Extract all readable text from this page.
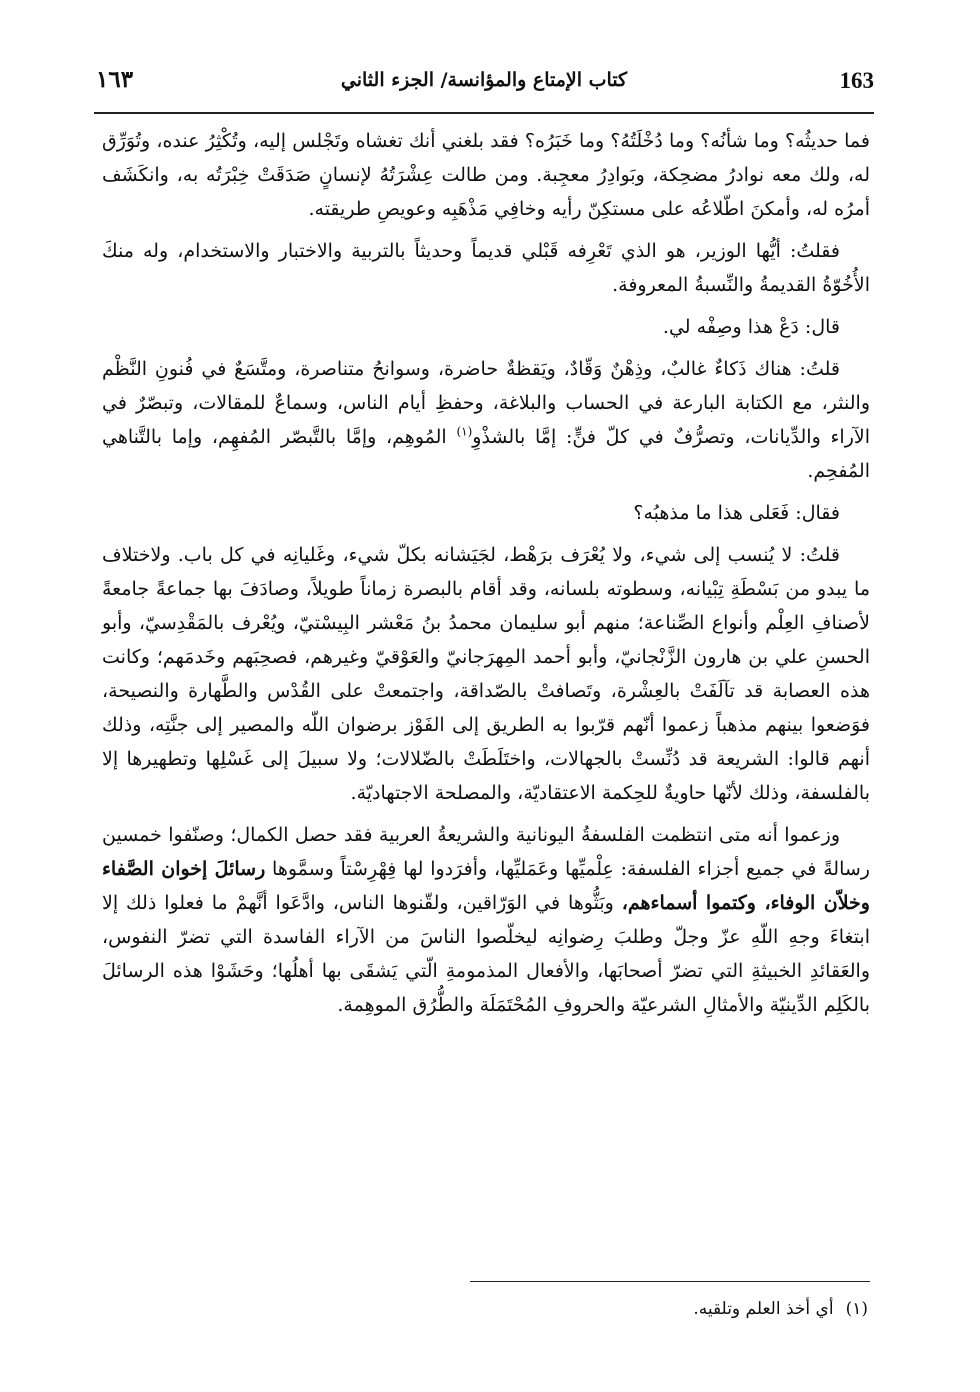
163
كتاب الإمتاع والمؤانسة/ الجزء الثاني
١٦٣

فما حديثُه؟ وما شأنُه؟ وما دُخْلَتُهُ؟ وما خَبَرُه؟ فقد بلغني أنك تغشاه وتَجْلس إليه، وتُكْثِرُ عنده، وتُوَرِّق له، ولك معه نوادرُ مضحِكة، وبَوادِرُ معجِبة. ومن طالت عِشْرَتُهُ لإنسانٍ صَدَقَتْ خِبْرَتُه به، وانكَشَف أمرُه له، وأمكنَ اطّلاعُه على مستكِنّ رأيه وخافِي مَذْهَبِه وعويصِ طريقته.

فقلتُ: أيُّها الوزير، هو الذي تَعْرِفه قَبْلي قديماً وحديثاً بالتربية والاختبار والاستخدام، وله منكَ الأُخُوّةُ القديمةُ والنِّسبةُ المعروفة.

قال: دَعْ هذا وصِفْه لي.

قلتُ: هناك ذَكاءٌ غالبٌ، وذِهْنٌ وَقّادٌ، ويَقظةٌ حاضرة، وسوانحُ متناصرة، ومتَّسَعٌ في فُنونِ النَّظْم والنثر، مع الكتابة البارعة في الحساب والبلاغة، وحفظِ أيام الناس، وسماعٌ للمقالات، وتبصّرٌ في الآراء والدِّيانات، وتصرُّفٌ في كلّ فنٍّ: إمَّا بالشذْوِ$^{(١)}$ المُوهِم، وإمَّا بالتَّبصّر المُفهِم، وإما بالتَّناهي المُفحِم.

فقال: فَعَلى هذا ما مذهبُه؟

قلتُ: لا يُنسب إلى شيء، ولا يُعْرَف برَهْط، لجَيَشانه بكلّ شيء، وغَليانِه في كل باب. ولاختلاف ما يبدو من بَسْطَةِ تِبْيانه، وسطوته بلسانه، وقد أقام بالبصرة زماناً طويلاً، وصادَفَ بها جماعةً جامعةً لأصنافِ العِلْم وأنواع الصِّناعة؛ منهم أبو سليمان محمدُ بنُ مَعْشر البِيسْتيّ، ويُعْرف بالمَقْدِسيّ، وأبو الحسنِ علي بن هارون الزَّنْجانيّ، وأبو أحمد المِهرَجانيّ والعَوْقيّ وغيرهم، فصحِبَهم وخَدمَهم؛ وكانت هذه العصابة قد تآلَفَتْ بالعِشْرة، وتَصافتْ بالصّداقة، واجتمعتْ على القُدْس والطَّهارة والنصيحة، فوَضعوا بينهم مذهباً زعموا أنّهم قرّبوا به الطريق إلى الفَوْز برضوان اللّه والمصير إلى جنَّتِه، وذلك أنهم قالوا: الشريعة قد دُنِّستْ بالجهالات، واختَلَطَتْ بالضّلالات؛ ولا سبيلَ إلى غَسْلِها وتطهيرها إلا بالفلسفة، وذلك لأنّها حاويةٌ للحِكمة الاعتقاديّة، والمصلحة الاجتهاديّة.

وزعموا أنه متى انتظمت الفلسفةُ اليونانية والشريعةُ العربية فقد حصل الكمال؛ وصنّفوا خمسين رسالةً في جميع أجزاء الفلسفة: عِلْميِّها وعَمَليِّها، وأفرَدوا لها فِهْرِسْتاً وسمَّوها رسائلَ إخوان الصَّفاء وخلاّن الوفاء، وكتموا أسماءهم، وبَثُّوها في الوَرّاقين، ولقّنوها الناس، وادَّعَوا أنَّهمْ ما فعلوا ذلك إلا ابتغاءَ وجهِ اللّهِ عزّ وجلّ وطلبَ رِضوانِه ليخلّصوا الناسَ من الآراء الفاسدة التي تضرّ النفوس، والعَقائدِ الخبيثةِ التي تضرّ أصحابَها، والأفعال المذمومةِ الّتي يَشقَى بها أهلُها؛ وحَشَوْا هذه الرسائلَ بالكَلِم الدِّينيّة والأمثالِ الشرعيّة والحروفِ المُحْتَمَلَة والطُّرُق الموهِمة.

(١)أي أخذ العلم وتلقيه.
